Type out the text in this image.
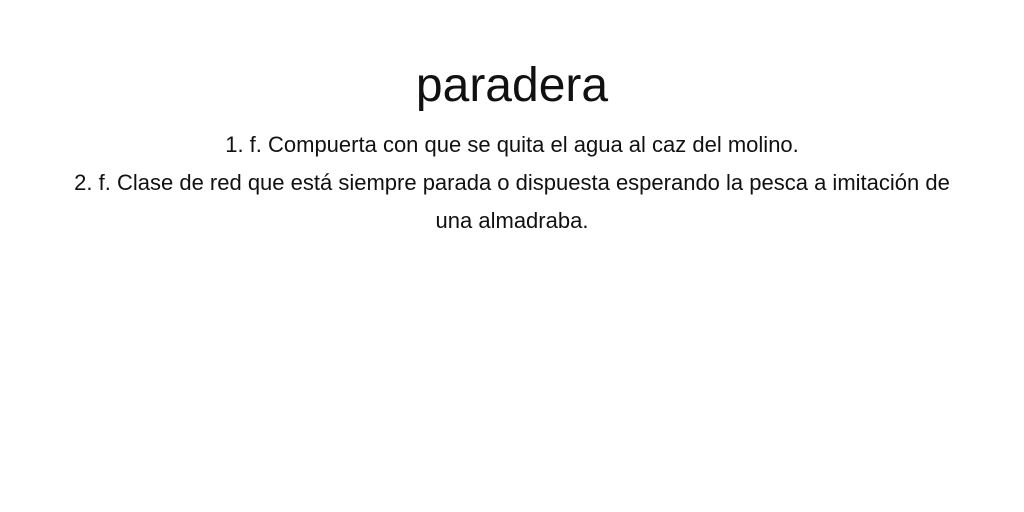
paradera
1. f. Compuerta con que se quita el agua al caz del molino.
2. f. Clase de red que está siempre parada o dispuesta esperando la pesca a imitación de una almadraba.
